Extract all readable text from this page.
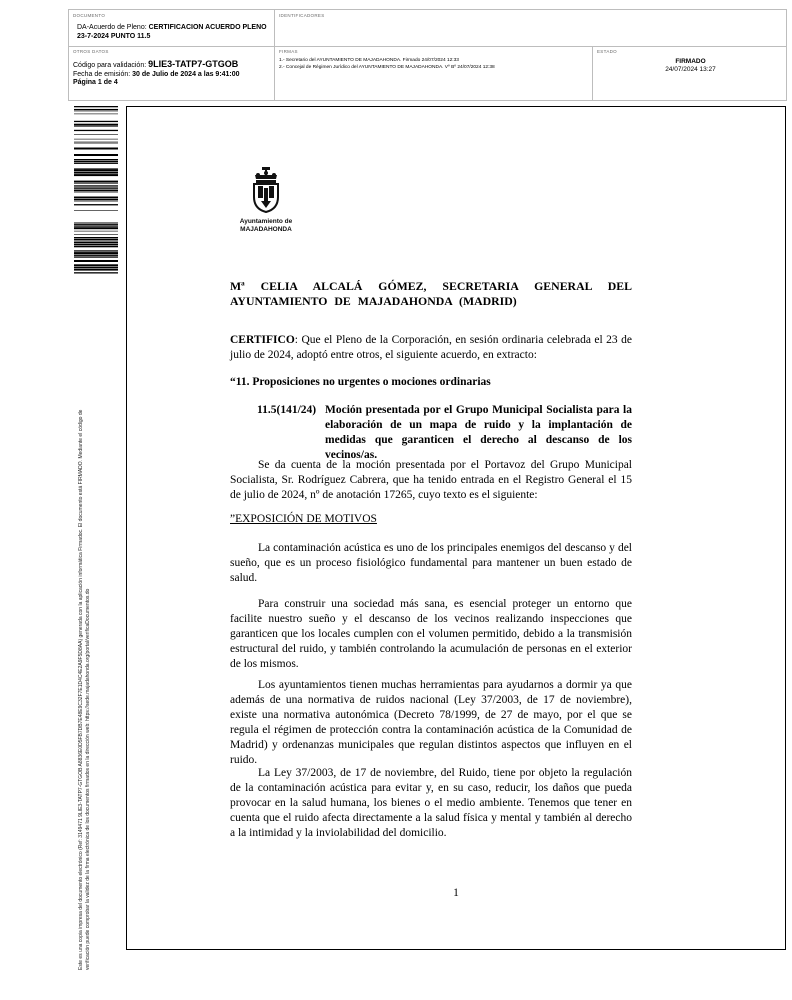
DOCUMENTO
DA-Acuerdo de Pleno: CERTIFICACION ACUERDO PLENO 23-7-2024 PUNTO 11.5
IDENTIFICADORES
OTROS DATOS
Código para validación: 9LIE3-TATP7-GTGOB
Fecha de emisión: 30 de Julio de 2024 a las 9:41:00
Página 1 de 4
FIRMAS
1.- Secretario del AYUNTAMIENTO DE MAJADAHONDA. Firmado 24/07/2024 12:33
2.- Concejal de Régimen Jurídico del AYUNTAMIENTO DE MAJADAHONDA. Vº Bº 24/07/2024 12:38
ESTADO
FIRMADO
24/07/2024 13:27
Este es una copia impresa del documento electrónico (Ref: 3149471 9LIE3-TATP7-GTGOB A8836E0D5FB7DB7E48E9C32F7E1D4C4E2A9F5D8AA) generada con la aplicación informática Firmadoc. El documento está FIRMADO. Mediante el código de verificación puede comprobar la validez de la firma electrónica de los documentos firmados en la dirección web: https://sede.majadahonda.org/portal/verificaDocumentos.do
Ayuntamiento de
MAJADAHONDA
Mª CELIA ALCALÁ GÓMEZ, SECRETARIA GENERAL DEL AYUNTAMIENTO DE MAJADAHONDA (MADRID)
CERTIFICO: Que el Pleno de la Corporación, en sesión ordinaria celebrada el 23 de julio de 2024, adoptó entre otros, el siguiente acuerdo, en extracto:
“11. Proposiciones no urgentes o mociones ordinarias
11.5(141/24) Moción presentada por el Grupo Municipal Socialista para la elaboración de un mapa de ruido y la implantación de medidas que garanticen el derecho al descanso de los vecinos/as.
Se da cuenta de la moción presentada por el Portavoz del Grupo Municipal Socialista, Sr. Rodríguez Cabrera, que ha tenido entrada en el Registro General el 15 de julio de 2024, nº de anotación 17265, cuyo texto es el siguiente:
”EXPOSICIÓN DE MOTIVOS
La contaminación acústica es uno de los principales enemigos del descanso y del sueño, que es un proceso fisiológico fundamental para mantener un buen estado de salud.
Para construir una sociedad más sana, es esencial proteger un entorno que facilite nuestro sueño y el descanso de los vecinos realizando inspecciones que garanticen que los locales cumplen con el volumen permitido, debido a la transmisión estructural del ruido, y también controlando la acumulación de personas en el exterior de los mismos.
Los ayuntamientos tienen muchas herramientas para ayudarnos a dormir ya que además de una normativa de ruidos nacional (Ley 37/2003, de 17 de noviembre), existe una normativa autonómica (Decreto 78/1999, de 27 de mayo, por el que se regula el régimen de protección contra la contaminación acústica de la Comunidad de Madrid) y ordenanzas municipales que regulan distintos aspectos que influyen en el ruido.
La Ley 37/2003, de 17 de noviembre, del Ruido, tiene por objeto la regulación de la contaminación acústica para evitar y, en su caso, reducir, los daños que pueda provocar en la salud humana, los bienes o el medio ambiente. Tenemos que tener en cuenta que el ruido afecta directamente a la salud física y mental y también al derecho a la intimidad y la inviolabilidad del domicilio.
1
